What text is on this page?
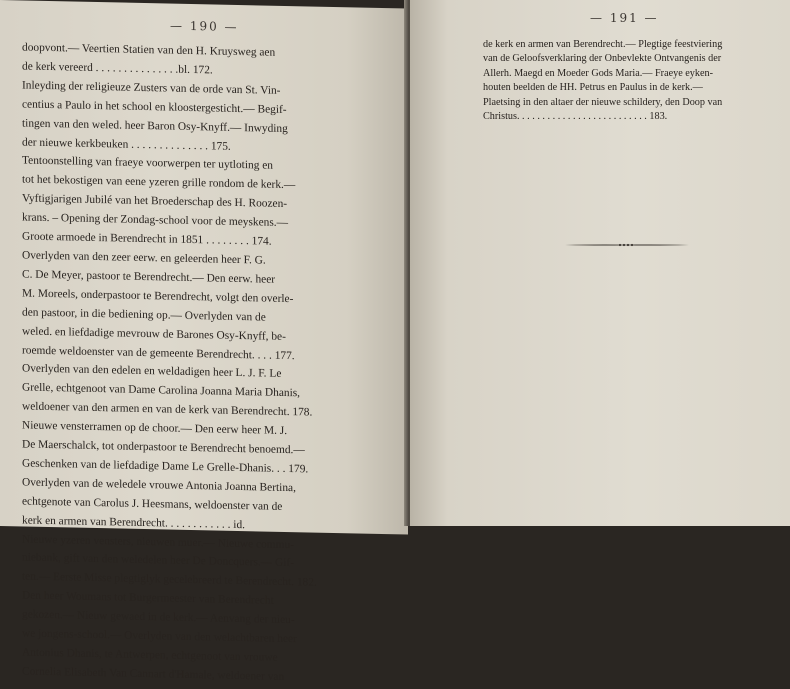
— 190 —
doopvont.— Veertien Statien van den H. Kruysweg aen
de kerk vereerd . . . . . . . . . . . . . . .bl. 172.
Inleyding der religieuze Zusters van de orde van St. Vin-
centius a Paulo in het school en kloostergesticht.— Begif-
tingen van den weled. heer Baron Osy-Knyff.— Inwyding
der nieuwe kerkbeuken . . . . . . . . . . . . . . 175.
Tentoonstelling van fraeye voorwerpen ter uytloting en
tot het bekostigen van eene yzeren grille rondom de kerk.—
Vyftigjarigen Jubilé van het Broederschap des H. Roozen-
krans. – Opening der Zondag-school voor de meyskens.—
Groote armoede in Berendrecht in 1851 . . . . . . . . 174.
Overlyden van den zeer eerw. en geleerden heer F. G.
C. De Meyer, pastoor te Berendrecht.— Den eerw. heer
M. Moreels, onderpastoor te Berendrecht, volgt den overle-
den pastoor, in die bediening op.— Overlyden van de
weled. en liefdadige mevrouw de Barones Osy-Knyff, be-
roemde weldoenster van de gemeente Berendrecht. . . . 177.
Overlyden van den edelen en weldadigen heer L. J. F. Le
Grelle, echtgenoot van Dame Carolina Joanna Maria Dhanis,
weldoener van den armen en van de kerk van Berendrecht. 178.
Nieuwe vensterramen op de choor.— Den eerw heer M. J.
De Maerschalck, tot onderpastoor te Berendrecht benoemd.—
Geschenken van de liefdadige Dame Le Grelle-Dhanis. . . 179.
Overlyden van de weledele vrouwe Antonia Joanna Bertina,
echtgenote van Carolus J. Heesmans, weldoenster van de
kerk en armen van Berendrecht. . . . . . . . . . . . id.
Nieuwe yzeren vensters, nieuwen muer.— Nieuwe commu-
niebank, gift van den weledelen heer De Doncquers.— Gif-
ten.— Eerste Misse plegtiglyk gecelebreerd te Berendrecht. 182.
Den heer Woumans tot Burgermeester van Berendrecht
gekozen.— Nieuw gewaed in de kerk.— Aenvang der nieu-
we jongens-school.— Overlyden van den welachtbaren heer
Antonius Dhanis, te Antwerpen, echtgenoot van vrouwe
Cornelia Elisabeth Van Cannart d'Hamale, weldoener van
— 191 —
de kerk en armen van Berendrecht.— Plegtige feestviering
van de Geloofsverklaring der Onbevlekte Ontvangenis der
Allerh. Maegd en Moeder Gods Maria.— Fraeye eyken-
houten beelden de HH. Petrus en Paulus in de kerk.—
Plaetsing in den altaer der nieuwe schildery, den Doop van
Christus. . . . . . . . . . . . . . . . . . . . . . . . . . 183.
